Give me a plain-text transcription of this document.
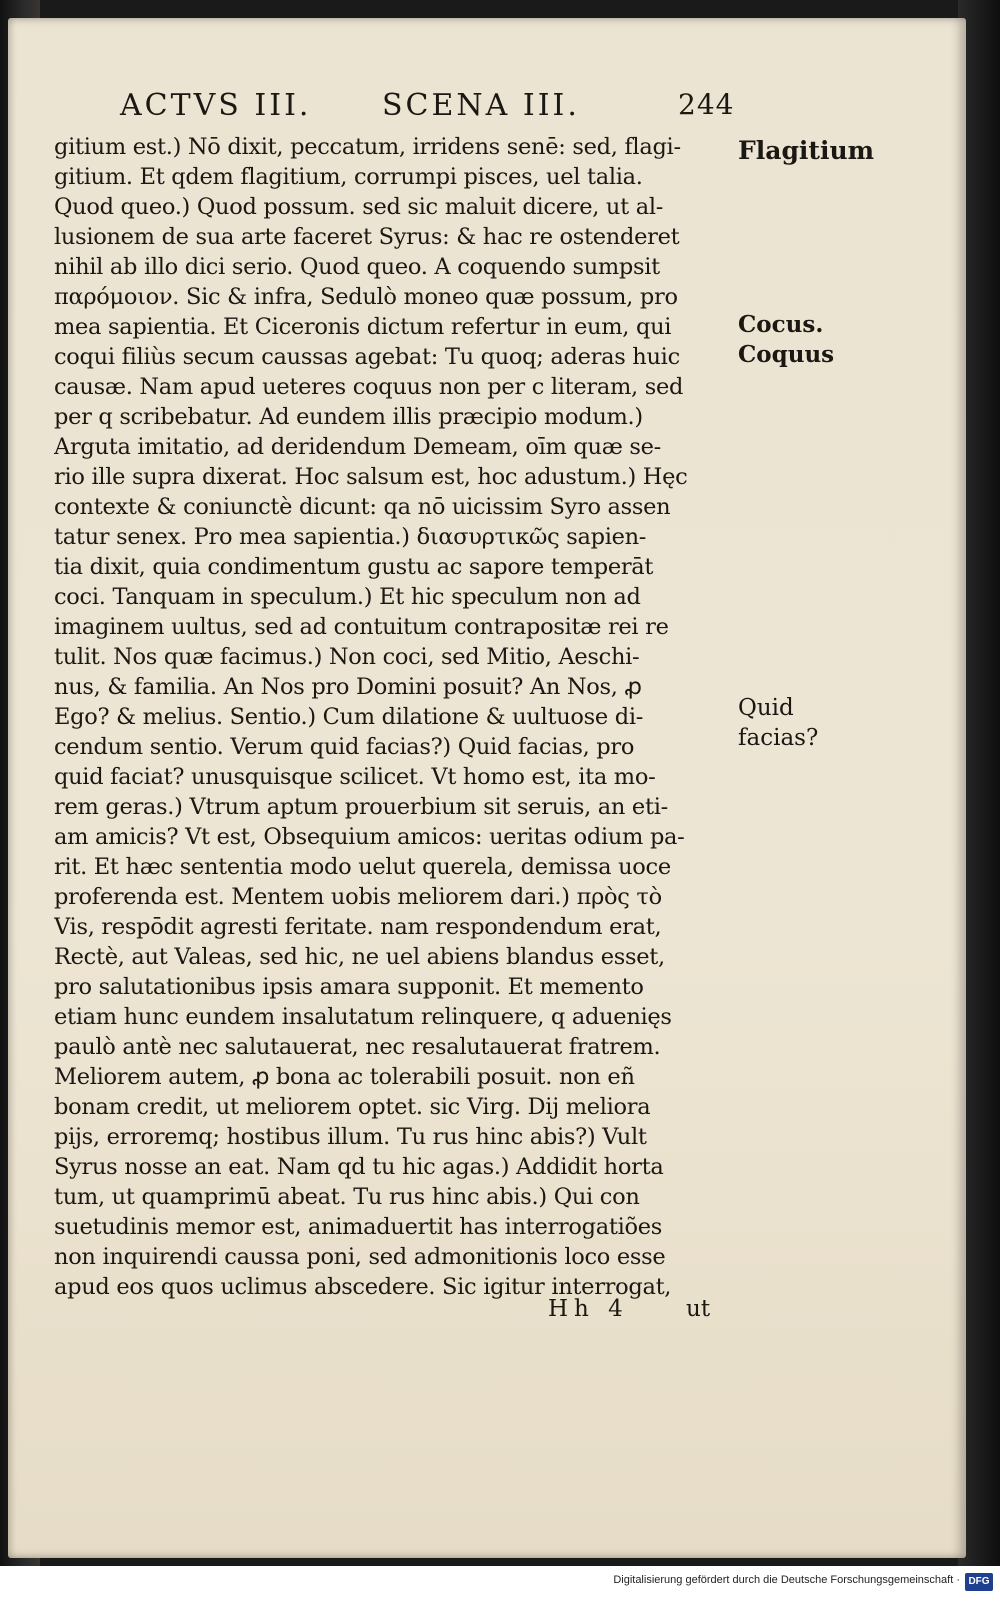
ACTVS III. SCENA III.	244
gitium est.) Nō dixit, peccatum, irridens senē: sed, flagi-
gitium. Et qdem flagitium, corrumpi pisces, uel talia.
Quod queo.) Quod possum. sed sic maluit dicere, ut al-
lusionem de sua arte faceret Syrus: & hac re ostenderet
nihil ab illo dici serio. Quod queo. A coquendo sumpsit
παρόμοιον. Sic & infra, Sedulò moneo quæ possum, pro
mea sapientia. Et Ciceronis dictum refertur in eum, qui
coqui filiùs secum caussas agebat: Tu quoq; aderas huic
causæ. Nam apud ueteres coquus non per c literam, sed
per q scribebatur. Ad eundem illis præcipio modum.)
Arguta imitatio, ad deridendum Demeam, oīm quæ se-
rio ille supra dixerat. Hoc salsum est, hoc adustum.) Hęc
contexte & coniunctè dicunt: qa nō uicissim Syro assen
tatur senex. Pro mea sapientia.) διασυρτικῶς sapien-
tia dixit, quia condimentum gustu ac sapore temperāt
coci. Tanquam in speculum.) Et hic speculum non ad
imaginem uultus, sed ad contuitum contrapositæ rei re
tulit. Nos quæ facimus.) Non coci, sed Mitio, Aeschi-
nus, & familia. An Nos pro Domini posuit? An Nos, ꝓ
Ego? & melius. Sentio.) Cum dilatione & uultuose di-
cendum sentio. Verum quid facias?) Quid facias, pro
quid faciat? unusquisque scilicet. Vt homo est, ita mo-
rem geras.) Vtrum aptum prouerbium sit seruis, an eti-
am amicis? Vt est, Obsequium amicos: ueritas odium pa-
rit. Et hæc sententia modo uelut querela, demissa uoce
proferenda est. Mentem uobis meliorem dari.) πρὸς τὸ
Vis, respōdit agresti feritate. nam respondendum erat,
Rectè, aut Valeas, sed hic, ne uel abiens blandus esset,
pro salutationibus ipsis amara supponit. Et memento
etiam hunc eundem insalutatum relinquere, q aduenięs
paulò antè nec salutauerat, nec resalutauerat fratrem.
Meliorem autem, ꝓ bona ac tolerabili posuit. non eñ
bonam credit, ut meliorem optet. sic Virg. Dij meliora
pijs, erroremq; hostibus illum. Tu rus hinc abis?) Vult
Syrus nosse an eat. Nam qd tu hic agas.) Addidit horta
tum, ut quamprimū abeat. Tu rus hinc abis.) Qui con
suetudinis memor est, animaduertit has interrogatiões
non inquirendi caussa poni, sed admonitionis loco esse
apud eos quos uclimus abscedere. Sic igitur interrogat,
Hh 4 ut
Flagitium
Cocus.
Coquus
Quid
facias?
Digitalisierung gefördert durch die Deutsche Forschungsgemeinschaft · DFG
